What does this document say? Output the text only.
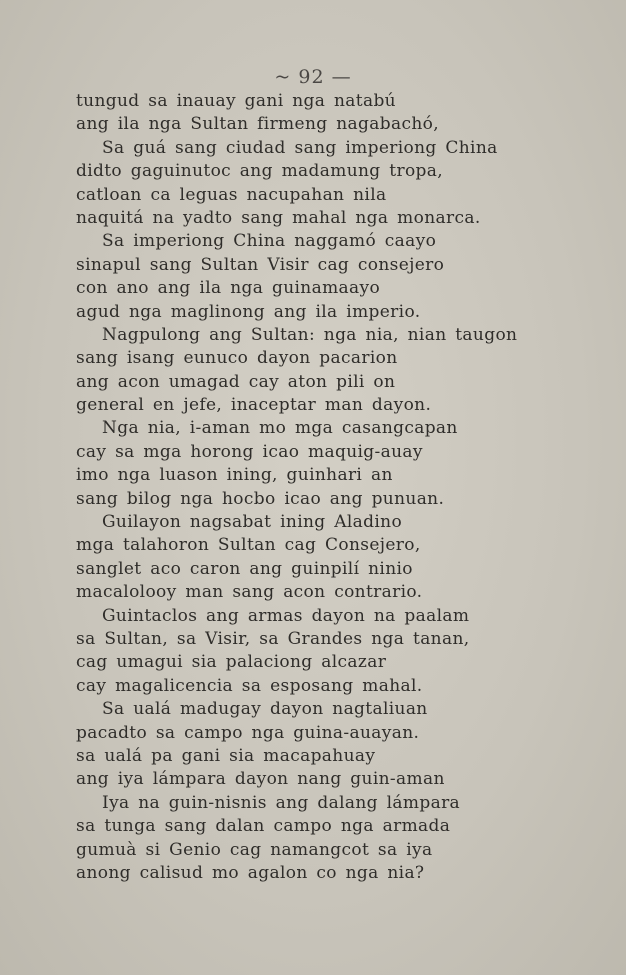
~ 92 —
tungud sa inauay gani nga natabú
ang ila nga Sultan firmeng nagabachó,
Sa guá sang ciudad sang imperiong China
didto gaguinutoc ang madamung tropa,
catloan ca leguas nacupahan nila
naquitá na yadto sang mahal nga monarca.
Sa imperiong China naggamó caayo
sinapul sang Sultan Visir cag consejero
con ano ang ila nga guinamaayo
agud nga maglinong ang ila imperio.
Nagpulong ang Sultan: nga nia, nian taugon
sang isang eunuco dayon pacarion
ang acon umagad cay aton pili on
general en jefe, inaceptar man dayon.
Nga nia, i-aman mo mga casangcapan
cay sa mga horong icao maquig-auay
imo nga luason ining, guinhari an
sang bilog nga hocbo icao ang punuan.
Guilayon nagsabat ining Aladino
mga talahoron Sultan cag Consejero,
sanglet aco caron ang guinpilí ninio
macalolooy man sang acon contrario.
Guintaclos ang armas dayon na paalam
sa Sultan, sa Visir, sa Grandes nga tanan,
cag umagui sia palaciong alcazar
cay magalicencia sa esposang mahal.
Sa ualá madugay dayon nagtaliuan
pacadto sa campo nga guina-auayan.
sa ualá pa gani sia macapahuay
ang iya lámpara dayon nang guin-aman
Iya na guin-nisnis ang dalang lámpara
sa tunga sang dalan campo nga armada
gumuà si Genio cag namangcot sa iya
anong calisud mo agalon co nga nia?
